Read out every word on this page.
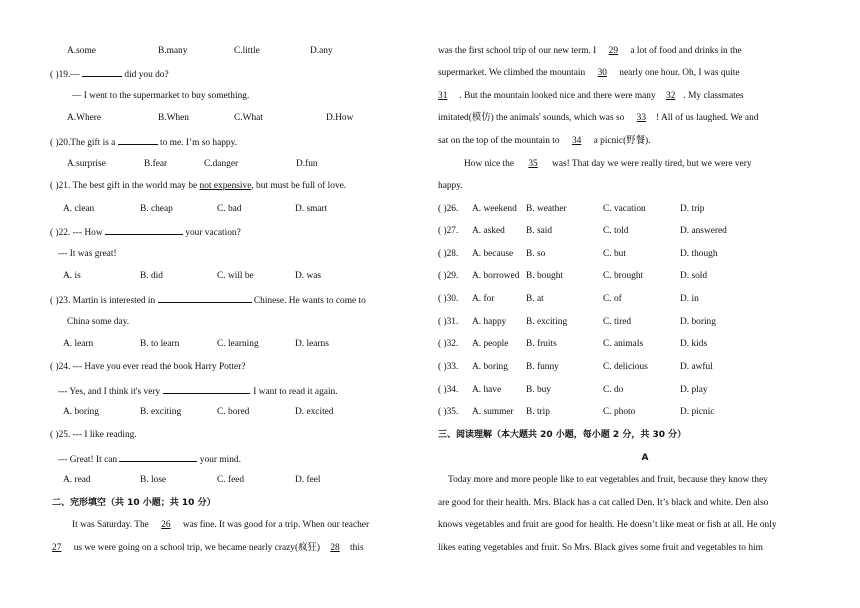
A.some	B.many	C.little	D.any
( )19.—	did you do?
— I went to the supermarket to buy something.
A.Where	B.When	C.What	D.How
( )20.The gift is a	to me. I’m so happy.
A.surprise	B.fear	C.danger	D.fun
( )21. The best gift in the world may be not expensive, but must be full of love.
A. clean	B. cheap	C. bad	D. smart
( )22. --- How	your vacation?
--- It was great!
A. is	B. did	C. will be	D. was
( )23. Martin is interested in	Chinese. He wants to come to
China some day.
A. learn	B. to learn	C. learning	D. learns
( )24. --- Have you ever read the book Harry Potter?
--- Yes, and I think it's very	. I want to read it again.
A. boring	B. exciting	C. bored	D. excited
( )25. --- I like reading.
--- Great! It can	your mind.
A. read	B. lose	C. feed	D. feel
二、完形填空（共 10 小题；共 10 分）
It was Saturday. The 26 was fine. It was good for a trip. When our teacher
27 us we were going on a school trip, we became nearly crazy(疯狂) 28 this
was the first school trip of our new term. I 29 a lot of food and drinks in the
supermarket. We climbed the mountain 30 nearly one hour. Oh, I was quite
31 . But the mountain looked nice and there were many 32 . My classmates
imitated(模仿) the animals' sounds, which was so 33 ! All of us laughed. We and
sat on the top of the mountain to 34 a picnic(野餐).
How nice the 35 was! That day we were really tired, but we were very
happy.
( )26. A. weekend B. weather	C. vacation	D. trip
( )27. A. asked B. said	C. told	D. answered
( )28. A. because B. so	C. but	D. though
( )29. A. borrowed B. bought	C. brought	D. sold
( )30. A. for	B. at	C. of	D. in
( )31. A. happy B. exciting	C. tired	D. boring
( )32. A. people B. fruits	C. animals	D. kids
( )33. A. boring B. funny	C. delicious	D. awful
( )34. A. have	B. buy	C. do	D. play
( )35. A. summer B. trip	C. photo	D. picnic
三、阅读理解（本大题共 20 小题，每小题 2 分，共 30 分）
A
Today more and more people like to eat vegetables and fruit, because they know they
are good for their health. Mrs. Black has a cat called Den. It’s black and white. Den also
knows vegetables and fruit are good for health. He doesn’t like meat or fish at all. He only
likes eating vegetables and fruit. So Mrs. Black gives some fruit and vegetables to him
